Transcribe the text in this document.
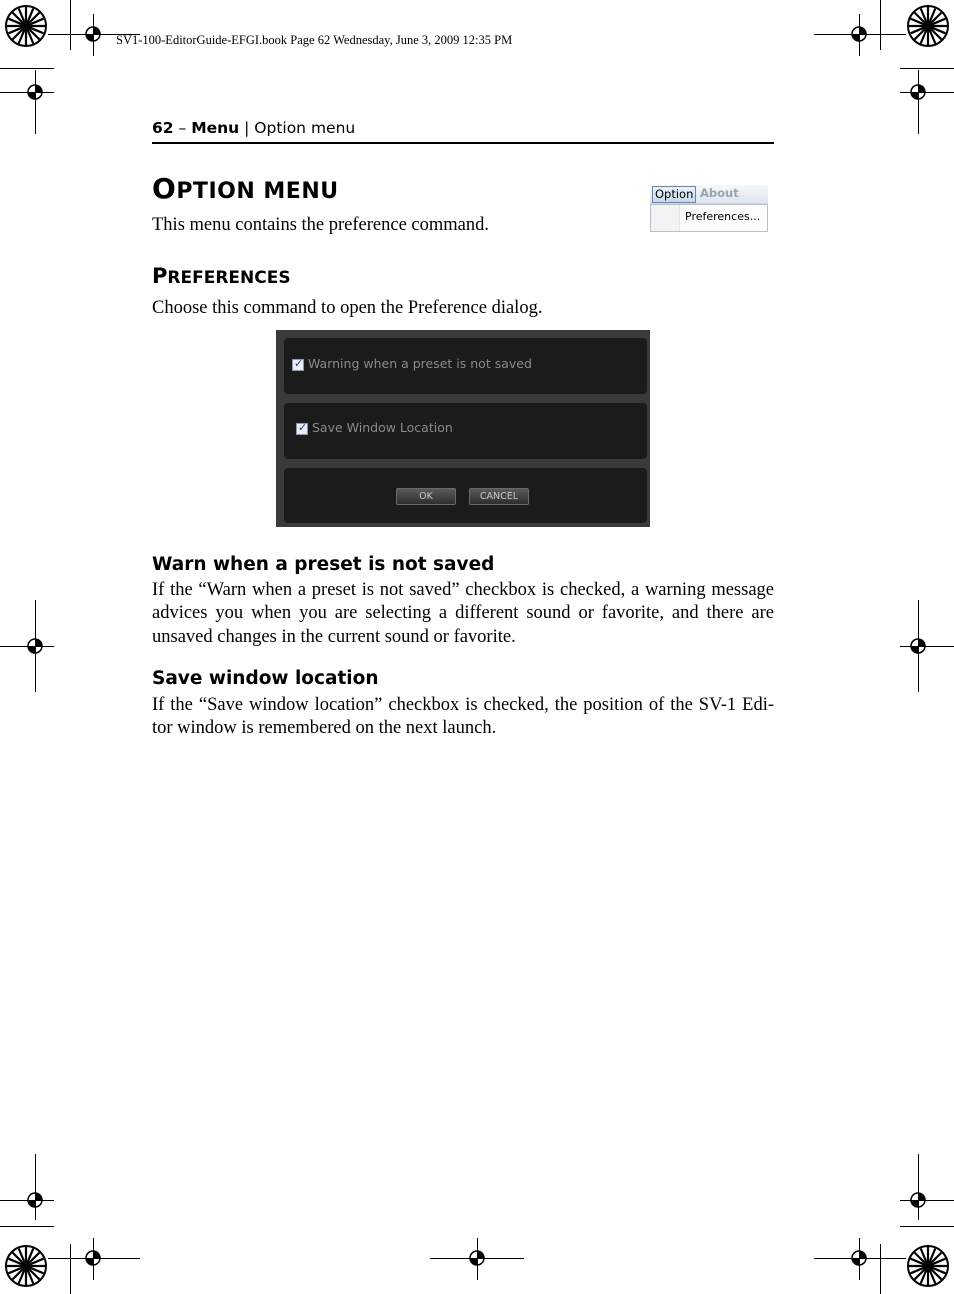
SV1-100-EditorGuide-EFGI.book Page 62 Wednesday, June 3, 2009 12:35 PM
62 – Menu | Option menu
OPTION MENU
This menu contains the preference command.
Option About
Preferences...
PREFERENCES
Choose this command to open the Preference dialog.
✓ Warning when a preset is not saved
✓ Save Window Location
OK	CANCEL
Warn when a preset is not saved
If the “Warn when a preset is not saved” checkbox is checked, a warning message
advices you when you are selecting a different sound or favorite, and there are
unsaved changes in the current sound or favorite.
Save window location
If the “Save window location” checkbox is checked, the position of the SV-1 Edi-
tor window is remembered on the next launch.
